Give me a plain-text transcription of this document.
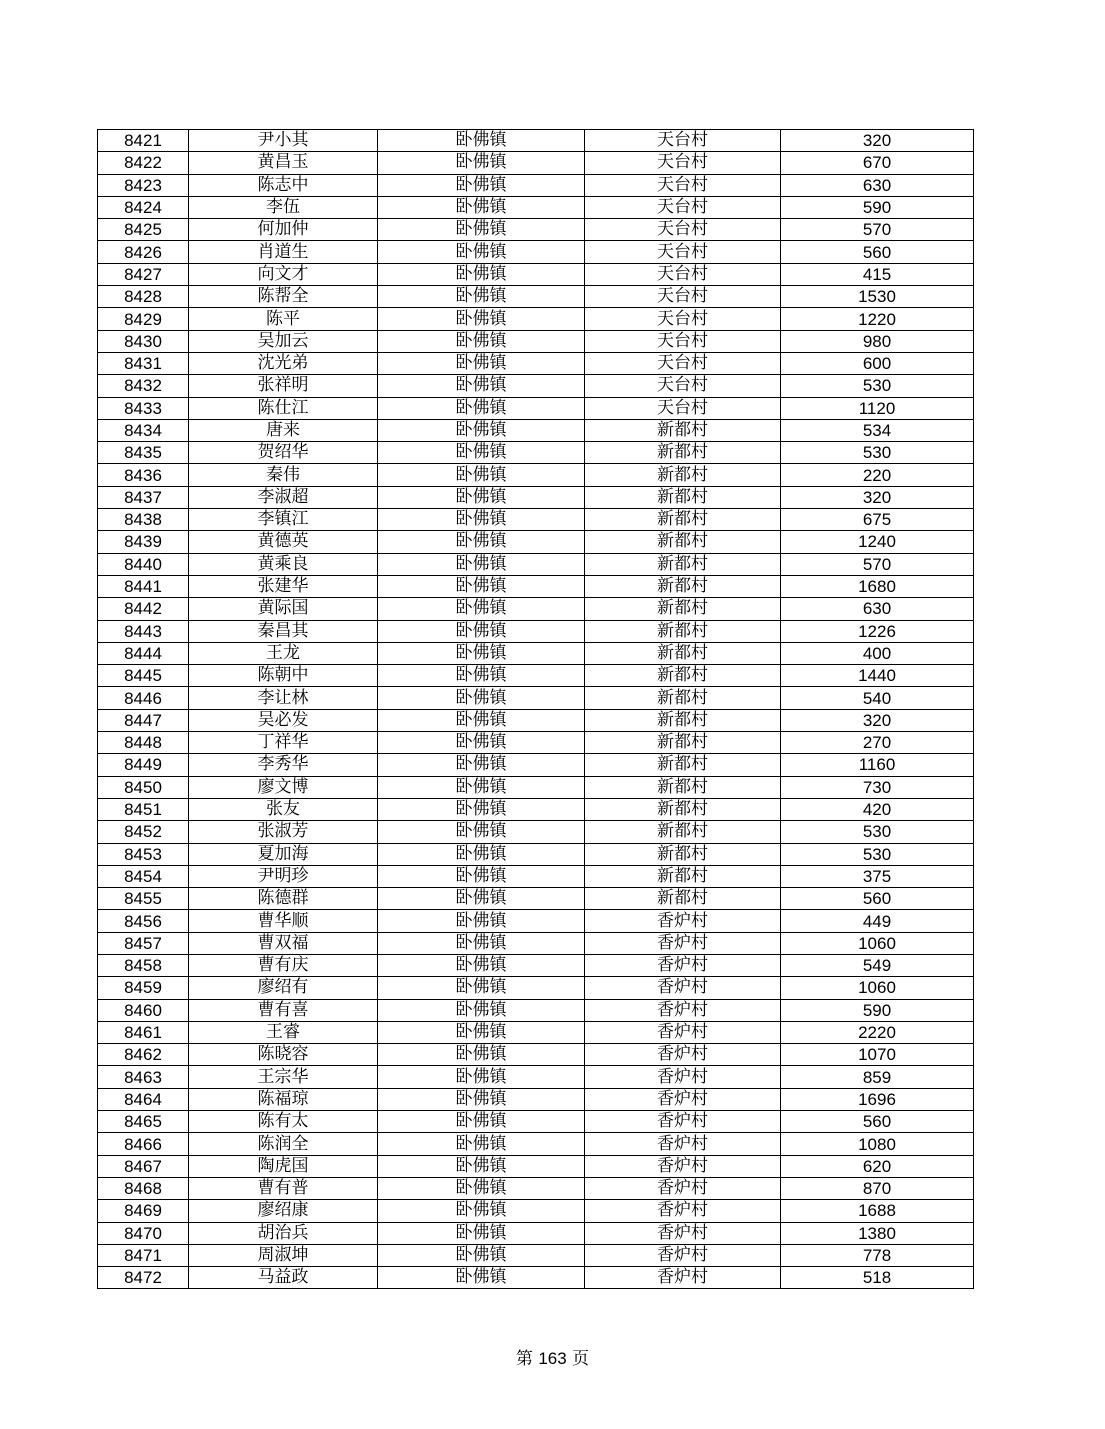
8421	尹小其	卧佛镇	天台村	320
8422	黄昌玉	卧佛镇	天台村	670
8423	陈志中	卧佛镇	天台村	630
8424	李伍	卧佛镇	天台村	590
8425	何加仲	卧佛镇	天台村	570
8426	肖道生	卧佛镇	天台村	560
8427	向文才	卧佛镇	天台村	415
8428	陈帮全	卧佛镇	天台村	1530
8429	陈平	卧佛镇	天台村	1220
8430	吴加云	卧佛镇	天台村	980
8431	沈光弟	卧佛镇	天台村	600
8432	张祥明	卧佛镇	天台村	530
8433	陈仕江	卧佛镇	天台村	1120
8434	唐来	卧佛镇	新都村	534
8435	贺绍华	卧佛镇	新都村	530
8436	秦伟	卧佛镇	新都村	220
8437	李淑超	卧佛镇	新都村	320
8438	李镇江	卧佛镇	新都村	675
8439	黄德英	卧佛镇	新都村	1240
8440	黄乘良	卧佛镇	新都村	570
8441	张建华	卧佛镇	新都村	1680
8442	黄际国	卧佛镇	新都村	630
8443	秦昌其	卧佛镇	新都村	1226
8444	王龙	卧佛镇	新都村	400
8445	陈朝中	卧佛镇	新都村	1440
8446	李让林	卧佛镇	新都村	540
8447	吴必发	卧佛镇	新都村	320
8448	丁祥华	卧佛镇	新都村	270
8449	李秀华	卧佛镇	新都村	1160
8450	廖文博	卧佛镇	新都村	730
8451	张友	卧佛镇	新都村	420
8452	张淑芳	卧佛镇	新都村	530
8453	夏加海	卧佛镇	新都村	530
8454	尹明珍	卧佛镇	新都村	375
8455	陈德群	卧佛镇	新都村	560
8456	曹华顺	卧佛镇	香炉村	449
8457	曹双福	卧佛镇	香炉村	1060
8458	曹有庆	卧佛镇	香炉村	549
8459	廖绍有	卧佛镇	香炉村	1060
8460	曹有喜	卧佛镇	香炉村	590
8461	王睿	卧佛镇	香炉村	2220
8462	陈晓容	卧佛镇	香炉村	1070
8463	王宗华	卧佛镇	香炉村	859
8464	陈福琼	卧佛镇	香炉村	1696
8465	陈有太	卧佛镇	香炉村	560
8466	陈润全	卧佛镇	香炉村	1080
8467	陶虎国	卧佛镇	香炉村	620
8468	曹有普	卧佛镇	香炉村	870
8469	廖绍康	卧佛镇	香炉村	1688
8470	胡治兵	卧佛镇	香炉村	1380
8471	周淑坤	卧佛镇	香炉村	778
8472	马益政	卧佛镇	香炉村	518
第 163 页
